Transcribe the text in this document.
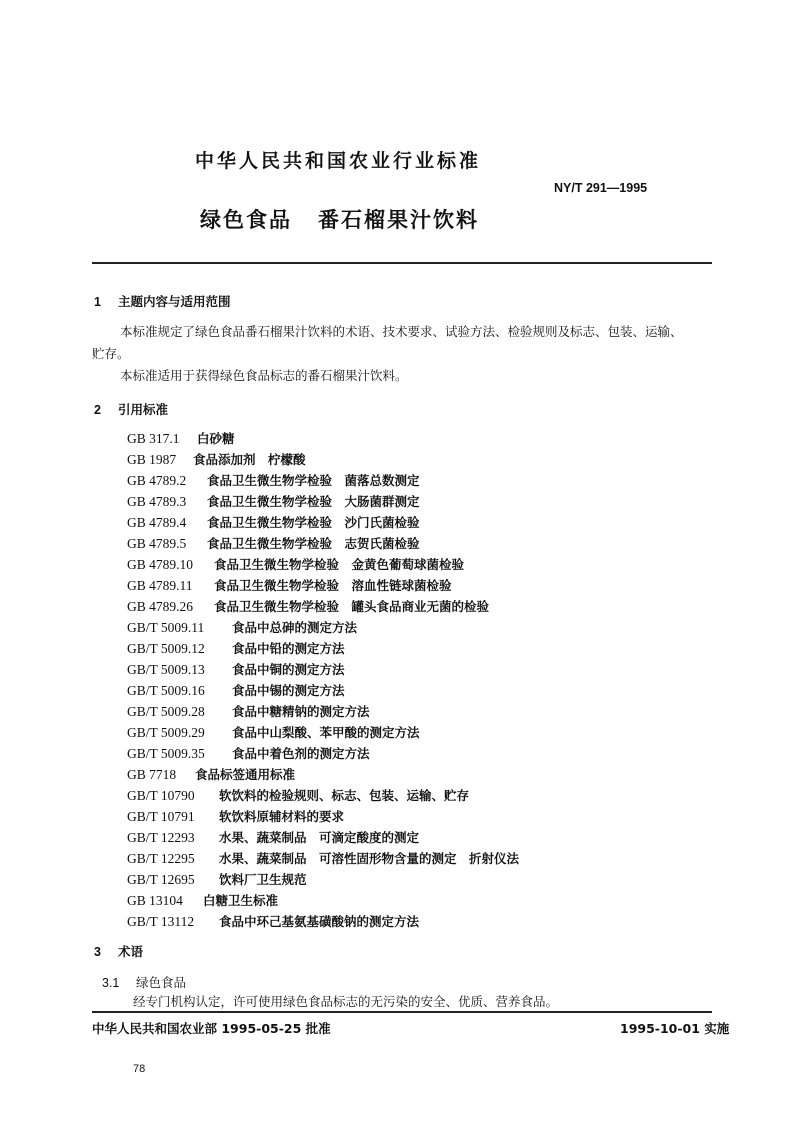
中华人民共和国农业行业标准
NY/T 291—1995
绿色食品 番石榴果汁饮料
1 主题内容与适用范围
本标准规定了绿色食品番石榴果汁饮料的术语、技术要求、试验方法、检验规则及标志、包装、运输、
贮存。
本标准适用于获得绿色食品标志的番石榴果汁饮料。
2 引用标准
GB 317.1 白砂糖
GB 1987 食品添加剂　柠檬酸
GB 4789.2 食品卫生微生物学检验　菌落总数测定
GB 4789.3 食品卫生微生物学检验　大肠菌群测定
GB 4789.4 食品卫生微生物学检验　沙门氏菌检验
GB 4789.5 食品卫生微生物学检验　志贺氏菌检验
GB 4789.10 食品卫生微生物学检验　金黄色葡萄球菌检验
GB 4789.11 食品卫生微生物学检验　溶血性链球菌检验
GB 4789.26 食品卫生微生物学检验　罐头食品商业无菌的检验
GB/T 5009.11 食品中总砷的测定方法
GB/T 5009.12 食品中铅的测定方法
GB/T 5009.13 食品中铜的测定方法
GB/T 5009.16 食品中锡的测定方法
GB/T 5009.28 食品中糖精钠的测定方法
GB/T 5009.29 食品中山梨酸、苯甲酸的测定方法
GB/T 5009.35 食品中着色剂的测定方法
GB 7718 食品标签通用标准
GB/T 10790 软饮料的检验规则、标志、包装、运输、贮存
GB/T 10791 软饮料原辅材料的要求
GB/T 12293 水果、蔬菜制品　可滴定酸度的测定
GB/T 12295 水果、蔬菜制品　可溶性固形物含量的测定　折射仪法
GB/T 12695 饮料厂卫生规范
GB 13104 白糖卫生标准
GB/T 13112 食品中环己基氨基磺酸钠的测定方法
3 术语
3.1 绿色食品
经专门机构认定，许可使用绿色食品标志的无污染的安全、优质、营养食品。
中华人民共和国农业部 1995-05-25 批准	1995-10-01 实施
78
